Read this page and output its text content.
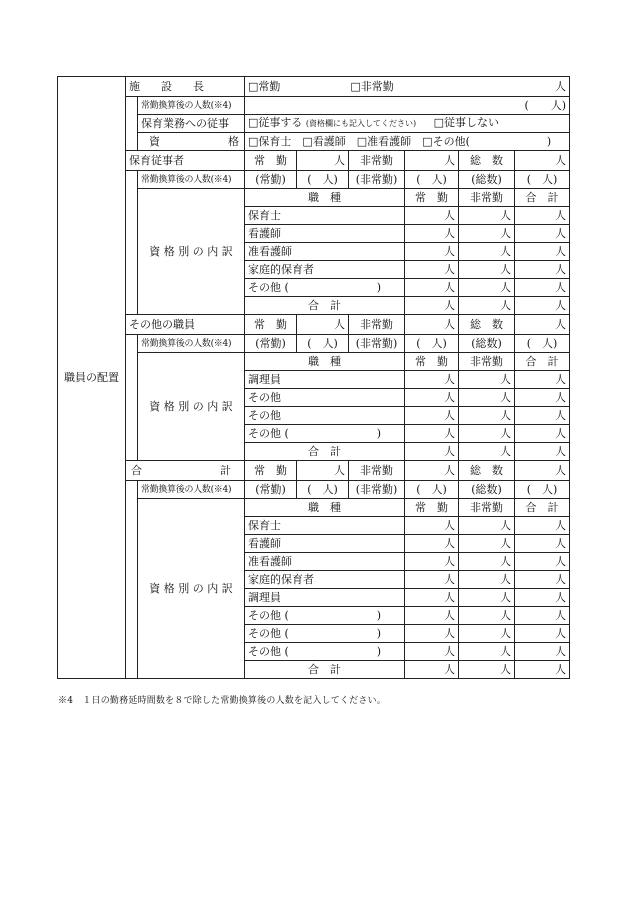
職員の配置	施　設　長		□常勤 □非常勤 人					

		常勤換算後の人数(※4)	(　　人)					
		保育業務への従事	□従事する (資格欄にも記入してください) □従事しない					

		資 格	□保育士　□看護師　□准看護師　□その他(　　　　　　　)					
	保育従事者		常　勤	人	非常勤	人	総　数	人
		常勤換算後の人数(※4)	(常勤)	(　人)	(非常勤)	(　人)	(総数)	(　人)
		資 格 別 の 内 訳	職　種			常　勤	非常勤	合　計
			保育士			人	人	人
			看護師			人	人	人
			准看護師			人	人	人
			家庭的保育者			人	人	人
			その他 (　　　　　　　　)			人	人	人
			合　計			人	人	人
	その他の職員		常　勤	人	非常勤	人	総　数	人
		常勤換算後の人数(※4)	(常勤)	(　人)	(非常勤)	(　人)	(総数)	(　人)
		資 格 別 の 内 訳	職　種			常　勤	非常勤	合　計
			調理員			人	人	人
			その他			人	人	人
			その他			人	人	人
			その他 (　　　　　　　　)			人	人	人
			合　計			人	人	人

	合 計		常　勤	人	非常勤	人	総　数	人
		常勤換算後の人数(※4)	(常勤)	(　人)	(非常勤)	(　人)	(総数)	(　人)
		資 格 別 の 内 訳	職　種			常　勤	非常勤	合　計
			保育士			人	人	人
			看護師			人	人	人
			准看護師			人	人	人
			家庭的保育者			人	人	人
			調理員			人	人	人
			その他 (　　　　　　　　)			人	人	人
			その他 (　　　　　　　　)			人	人	人
			その他 (　　　　　　　　)			人	人	人
			合　計			人	人	人
※4　１日の勤務延時間数を８で除した常勤換算後の人数を記入してください。
